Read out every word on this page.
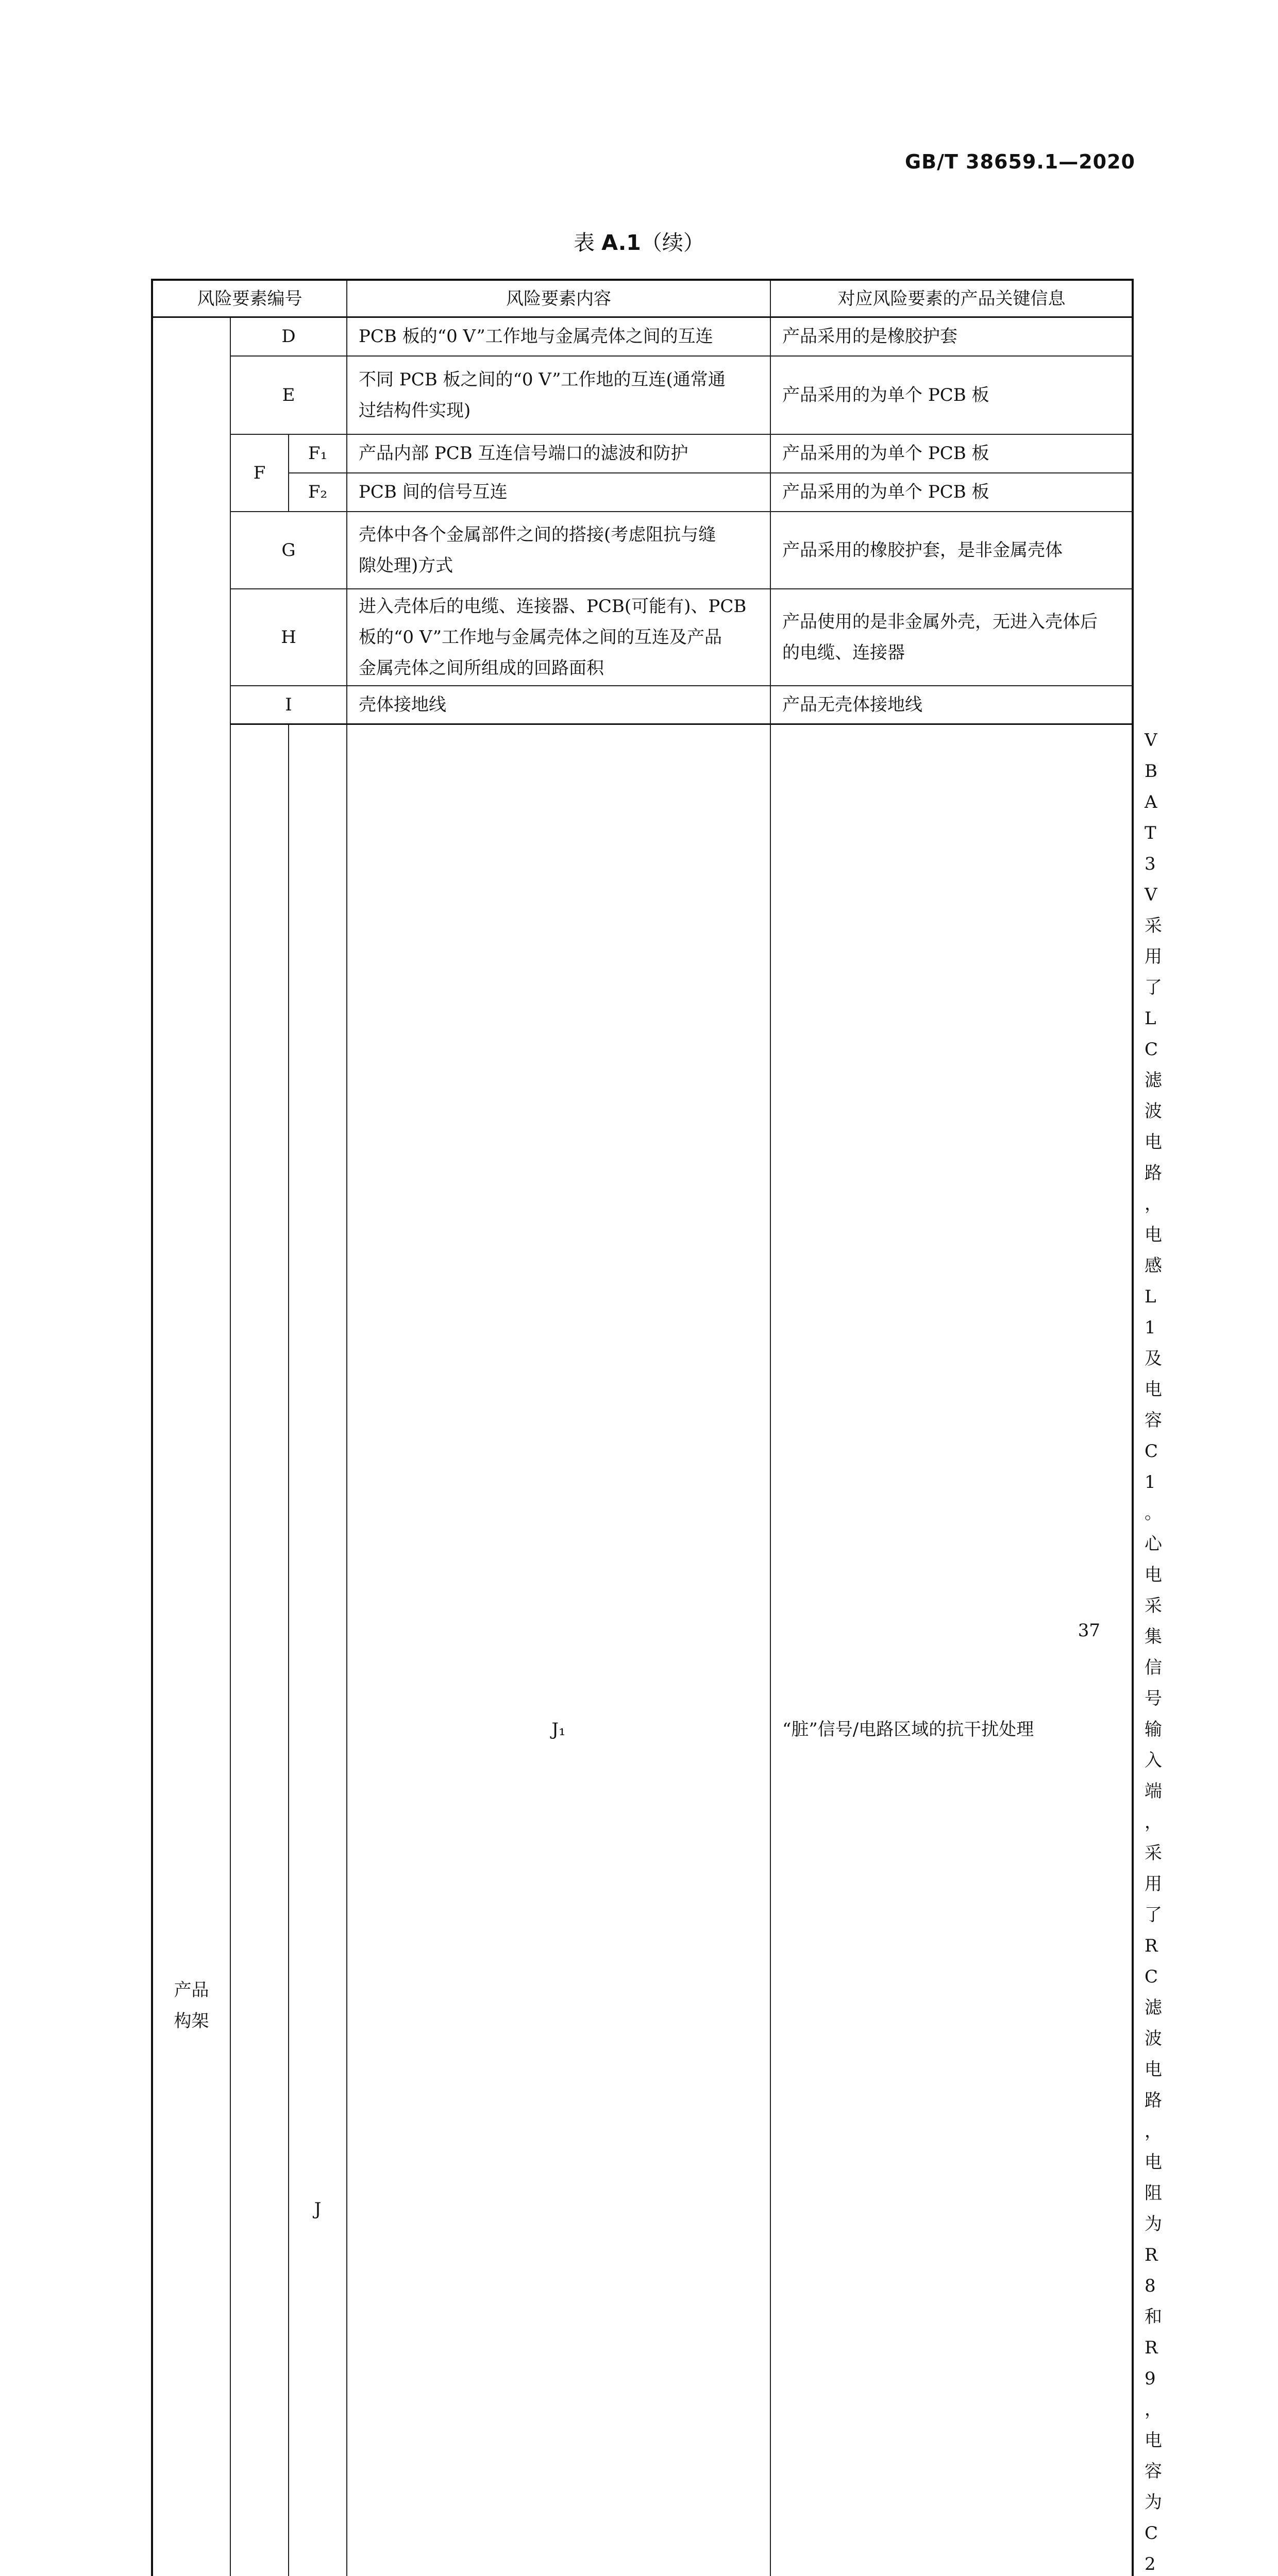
GB/T 38659.1—2020
表 A.1（续）
风险要素编号			风险要素内容	对应风险要素的产品关键信息	

产品
构架	D		PCB 板的“0 V”工作地与金属壳体之间的互连	产品采用的是橡胶护套	

	E		不同 PCB 板之间的“0 V”工作地的互连(通常通
过结构件实现)	产品采用的为单个 PCB 板	

	F	F₁	产品内部 PCB 互连信号端口的滤波和防护	产品采用的为单个 PCB 板	

		F₂	PCB 间的信号互连	产品采用的为单个 PCB 板	

	G		壳体中各个金属部件之间的搭接(考虑阻抗与缝
隙处理)方式	产品采用的橡胶护套，是非金属壳体	

	H		进入壳体后的电缆、连接器、PCB(可能有)、PCB
板的“0 V”工作地与金属壳体之间的互连及产品
金属壳体之间所组成的回路面积	产品使用的是非金属外壳，无进入壳体后
的电缆、连接器	

	I		壳体接地线	产品无壳体接地线	

	J	J₁	“脏”信号/电路区域的抗干扰处理	VBAT3V 采用了 LC 滤波电路，电感 L1
及电容 C1。
心电采集信号输入端，采用了 RC 滤波电
路，电阻为 R8 和 R9，电容为 C2

37
